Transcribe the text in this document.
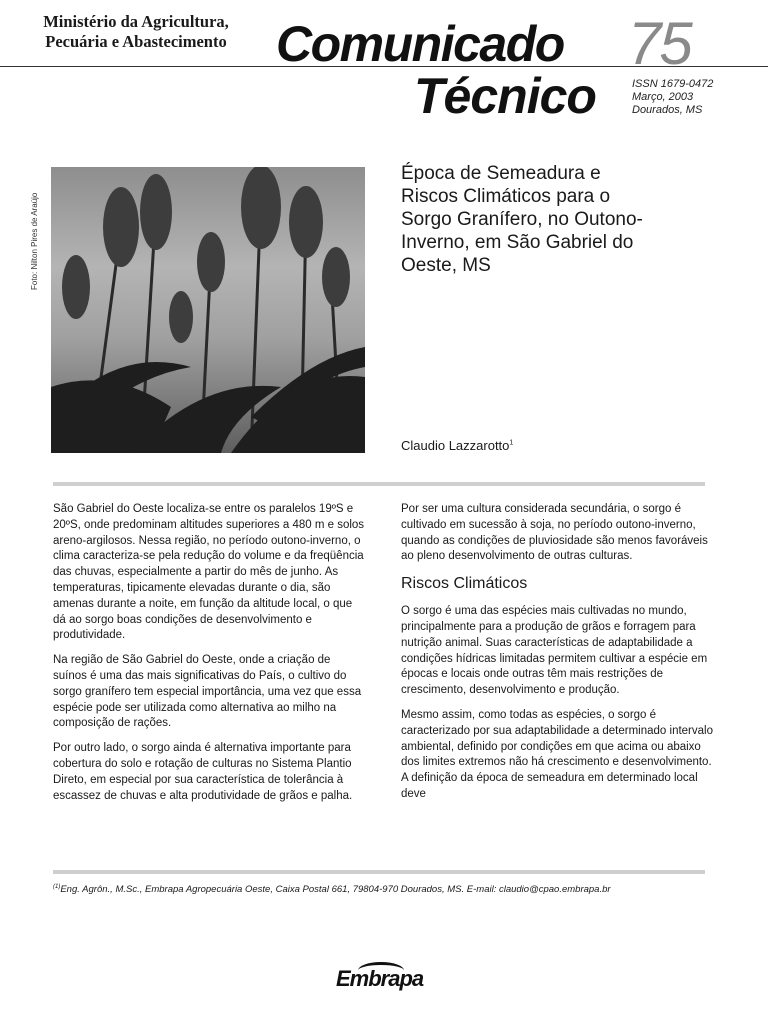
Ministério da Agricultura,
Pecuária e Abastecimento Comunicado
Técnico
75
ISSN 1679-0472
Março, 2003
Dourados, MS
Foto: Nilton Pires de Araújo
Época de Semeadura e
Riscos Climáticos para o
Sorgo Granífero, no Outono-
Inverno, em São Gabriel do
Oeste, MS
Claudio Lazzarotto$^1$

São Gabriel do Oeste localiza-se entre os paralelos 19ºS e 20ºS, onde predominam altitudes superiores a 480 m e solos areno-argilosos. Nessa região, no período outono-inverno, o clima caracteriza-se pela redução do volume e da freqüência das chuvas, especialmente a partir do mês de junho. As temperaturas, tipicamente elevadas durante o dia, são amenas durante a noite, em função da altitude local, o que dá ao sorgo boas condições de desenvolvimento e produtividade.

Na região de São Gabriel do Oeste, onde a criação de suínos é uma das mais significativas do País, o cultivo do sorgo granífero tem especial importância, uma vez que essa espécie pode ser utilizada como alternativa ao milho na composição de rações.

Por outro lado, o sorgo ainda é alternativa importante para cobertura do solo e rotação de culturas no Sistema Plantio Direto, em especial por sua característica de tolerância à escassez de chuvas e alta produtividade de grãos e palha.

Por ser uma cultura considerada secundária, o sorgo é cultivado em sucessão à soja, no período outono-inverno, quando as condições de pluviosidade são menos favoráveis ao pleno desenvolvimento de outras culturas.

Riscos Climáticos

O sorgo é uma das espécies mais cultivadas no mundo, principalmente para a produção de grãos e forragem para nutrição animal. Suas características de adaptabilidade a condições hídricas limitadas permitem cultivar a espécie em épocas e locais onde outras têm mais restrições de crescimento, desenvolvimento e produção.

Mesmo assim, como todas as espécies, o sorgo é caracterizado por sua adaptabilidade a determinado intervalo ambiental, definido por condições em que acima ou abaixo dos limites extremos não há crescimento e desenvolvimento. A definição da época de semeadura em determinado local deve

$^{(1)}$Eng. Agrôn., M.Sc., Embrapa Agropecuária Oeste, Caixa Postal 661, 79804-970 Dourados, MS. E-mail: claudio@cpao.embrapa.br
Embrapa
